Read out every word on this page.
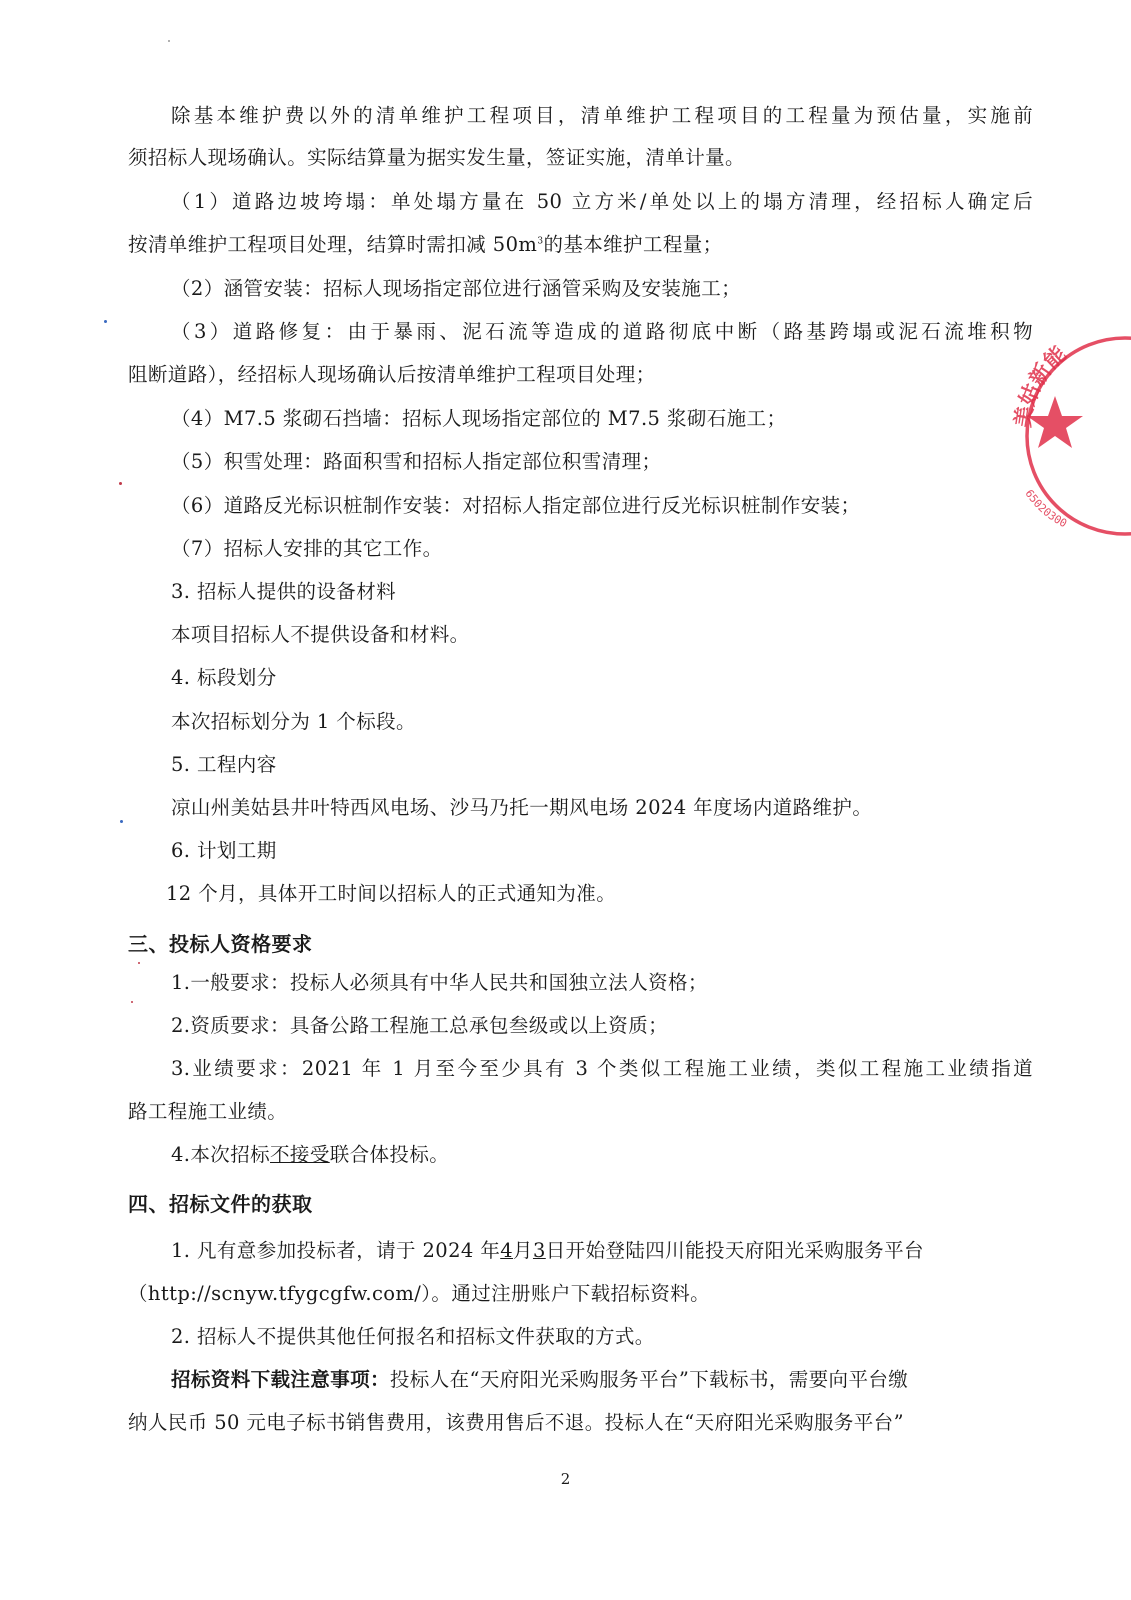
除基本维护费以外的清单维护工程项目，清单维护工程项目的工程量为预估量，实施前
须招标人现场确认。实际结算量为据实发生量，签证实施，清单计量。
（1）道路边坡垮塌：单处塌方量在 50 立方米/单处以上的塌方清理，经招标人确定后
按清单维护工程项目处理，结算时需扣减 $50m^3$的基本维护工程量；
（2）涵管安装：招标人现场指定部位进行涵管采购及安装施工；
（3）道路修复：由于暴雨、泥石流等造成的道路彻底中断（路基跨塌或泥石流堆积物
阻断道路），经招标人现场确认后按清单维护工程项目处理；
（4）M7.5 浆砌石挡墙：招标人现场指定部位的 M7.5 浆砌石施工；
（5）积雪处理：路面积雪和招标人指定部位积雪清理；
（6）道路反光标识桩制作安装：对招标人指定部位进行反光标识桩制作安装；
（7）招标人安排的其它工作。
3. 招标人提供的设备材料
本项目招标人不提供设备和材料。
4. 标段划分
本次招标划分为 1 个标段。
5. 工程内容
凉山州美姑县井叶特西风电场、沙马乃托一期风电场 2024 年度场内道路维护。
6. 计划工期
12 个月，具体开工时间以招标人的正式通知为准。
三、投标人资格要求
1.一般要求：投标人必须具有中华人民共和国独立法人资格；
2.资质要求：具备公路工程施工总承包叁级或以上资质；
3.业绩要求：2021 年 1 月至今至少具有 3 个类似工程施工业绩，类似工程施工业绩指道
路工程施工业绩。
4.本次招标不接受联合体投标。
四、招标文件的获取
1. 凡有意参加投标者，请于 2024 年4月3日开始登陆四川能投天府阳光采购服务平台
（http://scnyw.tfygcgfw.com/）。通过注册账户下载招标资料。
2. 招标人不提供其他任何报名和招标文件获取的方式。
招标资料下载注意事项：投标人在“天府阳光采购服务平台”下载标书，需要向平台缴
纳人民币 50 元电子标书销售费用，该费用售后不退。投标人在“天府阳光采购服务平台”
2
美姑新能
65020300
